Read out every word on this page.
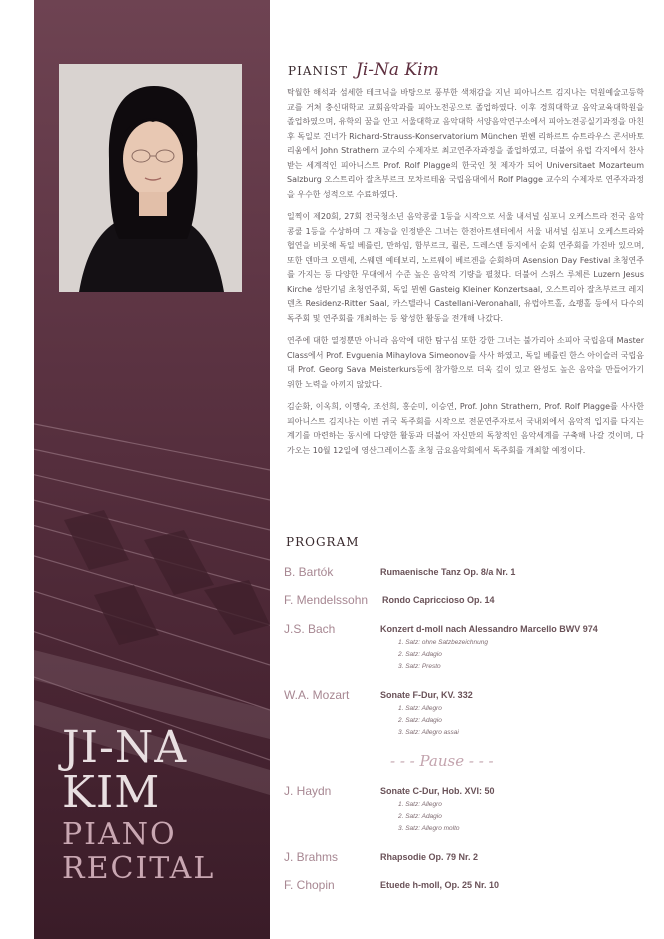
JI-NA
KIM
PIANO
RECITAL
PIANIST Ji-Na Kim

탁월한 해석과 섬세한 테크닉을 바탕으로 풍부한 색채감을 지닌 피아니스트 김지나는 덕원예술고등학교를 거쳐 충신대학교 교회음악과를 피아노전공으로 졸업하였다. 이후 경희대학교 음악교육대학원을 졸업하였으며, 유학의 꿈을 안고 서울대학교 음악대학 서양음악연구소에서 피아노전공실기과정을 마친 후 독일로 건너가 Richard-Strauss-Konservatorium München 뮌헨 리하르트 슈트라우스 콘서바토리움에서 John Strathern 교수의 수제자로 최고연주자과정을 졸업하였고, 더불어 유럽 각지에서 찬사 받는 세계적인 피아니스트 Prof. Rolf Plagge의 한국인 첫 제자가 되어 Universitaet Mozarteum Salzburg 오스트리아 잘츠부르크 모차르테움 국립음대에서 Rolf Plagge 교수의 수제자로 연주자과정을 우수한 성적으로 수료하였다.

일찍이 제20회, 27회 전국청소년 음악콩쿨 1등을 시작으로 서울 내셔널 심포니 오케스트라 전국 음악콩쿨 1등을 수상하며 그 재능을 인정받은 그녀는 한전아트센터에서 서울 내셔널 심포니 오케스트라와 협연을 비롯해 독일 베를린, 만하임, 함부르크, 쾰른, 드레스덴 등지에서 순회 연주회를 가진바 있으며, 또한 덴마크 오덴세, 스웨덴 예테보리, 노르웨이 베르겐을 순회하며 Asension Day Festival 초청연주를 가지는 등 다양한 무대에서 수준 높은 음악적 기량을 펼쳤다. 더불어 스위스 루체른 Luzern Jesus Kirche 성탄기념 초청연주회, 독일 뮌헨 Gasteig Kleiner Konzertsaal, 오스트리아 잘츠부르크 레지덴츠 Residenz-Ritter Saal, 카스텔라니 Castellani-Veronahall, 유럽아트홀, 쇼팽홀 등에서 다수의 독주회 및 연주회를 개최하는 등 왕성한 활동을 전개해 나갔다.

연주에 대한 열정뿐만 아니라 음악에 대한 탐구심 또한 강한 그녀는 불가리아 소피아 국립음대 Master Class에서 Prof. Evguenia Mihaylova Simeonov를 사사 하였고, 독일 베를린 한스 아이슬러 국립음대 Prof. Georg Sava Meisterkurs등에 참가함으로 더욱 깊이 있고 완성도 높은 음악을 만들어가기 위한 노력을 아끼지 않았다.

김순화, 이옥희, 이행숙, 조선희, 홍순미, 이승연, Prof. John Strathern, Prof. Rolf Plagge를 사사한 피아니스트 김지나는 이번 귀국 독주회를 시작으로 전문연주자로서 국내외에서 음악적 입지를 다지는 계기를 마련하는 동시에 다양한 활동과 더불어 자신만의 독창적인 음악세계를 구축해 나갈 것이며, 다가오는 10월 12일에 영산그레이스홀 초청 금요음악회에서 독주회를 개최할 예정이다.

PROGRAM
B. Bartók	Rumaenische Tanz Op. 8/a Nr. 1
F. Mendelssohn Rondo Capriccioso Op. 14
J.S. Bach	Konzert d-moll nach Alessandro Marcello BWV 974
1. Satz: ohne Satzbezeichnung
2. Satz: Adagio
3. Satz: Presto
W.A. Mozart	Sonate F-Dur, KV. 332
1. Satz: Allegro
2. Satz: Adagio
3. Satz: Allegro assai
- - - Pause - - -
J. Haydn	Sonate C-Dur, Hob. XVI: 50
1. Satz: Allegro
2. Satz: Adagio
3. Satz: Allegro molto
J. Brahms	Rhapsodie Op. 79 Nr. 2
F. Chopin	Etuede h-moll, Op. 25 Nr. 10
